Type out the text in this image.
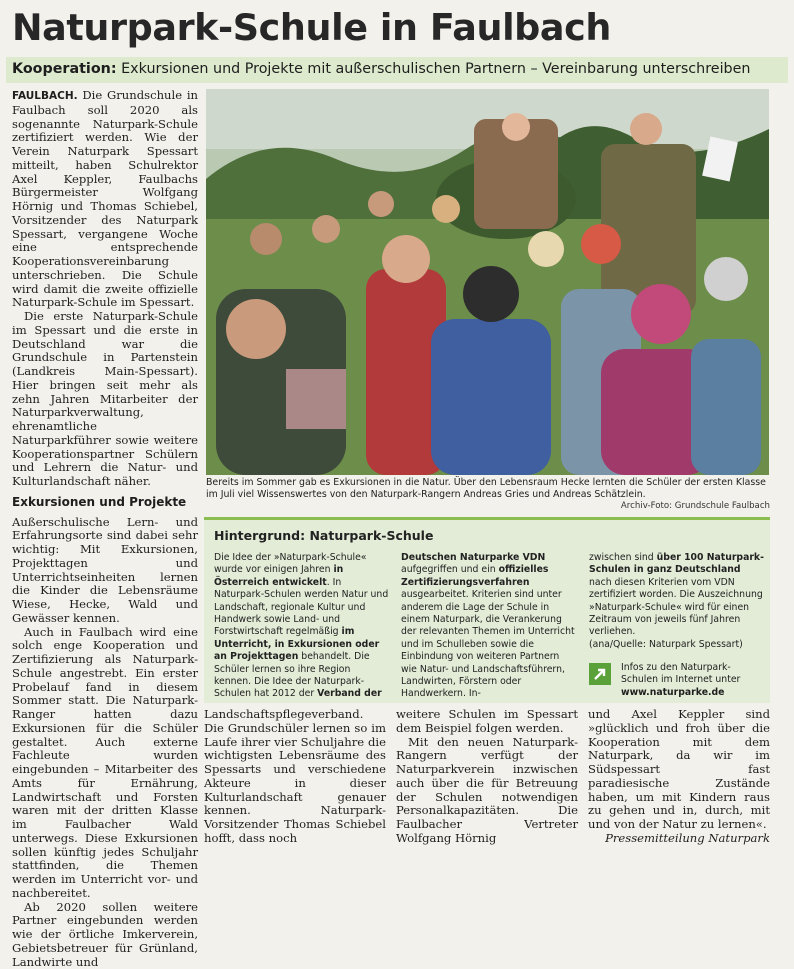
Naturpark-Schule in Faulbach
Kooperation: Exkursionen und Projekte mit außerschulischen Partnern – Vereinbarung unterschreiben

FAULBACH. Die Grundschule in Faulbach soll 2020 als sogenannte Naturpark-Schule zertifiziert werden. Wie der Verein Naturpark Spessart mitteilt, haben Schulrektor Axel Keppler, Faulbachs Bürgermeister Wolfgang Hörnig und Thomas Schiebel, Vorsitzender des Naturpark Spessart, vergangene Woche eine entsprechende Kooperationsvereinbarung unterschrieben. Die Schule wird damit die zweite offizielle Naturpark-Schule im Spessart.

Die erste Naturpark-Schule im Spessart und die erste in Deutschland war die Grundschule in Partenstein (Landkreis Main-Spessart). Hier bringen seit mehr als zehn Jahren Mitarbeiter der Naturparkverwaltung, ehrenamtliche Naturparkführer sowie weitere Kooperationspartner Schülern und Lehrern die Natur- und Kulturlandschaft näher.

Exkursionen und Projekte

Außerschulische Lern- und Erfahrungsorte sind dabei sehr wichtig: Mit Exkursionen, Projekttagen und Unterrichtseinheiten lernen die Kinder die Lebensräume Wiese, Hecke, Wald und Gewässer kennen.

Auch in Faulbach wird eine solch enge Kooperation und Zertifizierung als Naturpark-Schule angestrebt. Ein erster Probelauf fand in diesem Sommer statt. Die Naturpark-Ranger hatten dazu Exkursionen für die Schüler gestaltet. Auch externe Fachleute wurden eingebunden – Mitarbeiter des Amts für Ernährung, Landwirtschaft und Forsten waren mit der dritten Klasse im Faulbacher Wald unterwegs. Diese Exkursionen sollen künftig jedes Schuljahr stattfinden, die Themen werden im Unterricht vor- und nachbereitet.

Ab 2020 sollen weitere Partner eingebunden werden wie der örtliche Imkerverein, Gebietsbetreuer für Grünland, Landwirte und

Bereits im Sommer gab es Exkursionen in die Natur. Über den Lebensraum Hecke lernten die Schüler der ersten Klasse im Juli viel Wissenswertes von den Naturpark-Rangern Andreas Gries und Andreas Schätzlein.
Archiv-Foto: Grundschule Faulbach
Hintergrund: Naturpark-Schule
Die Idee der »Naturpark-Schule« wurde vor einigen Jahren in Österreich entwickelt. In Naturpark-Schulen werden Natur und Landschaft, regionale Kultur und Handwerk sowie Land- und Forstwirtschaft regelmäßig im Unterricht, in Exkursionen oder an Projekttagen behandelt. Die Schüler lernen so ihre Region kennen. Die Idee der Naturpark-Schulen hat 2012 der Verband der
Deutschen Naturparke VDN aufgegriffen und ein offizielles Zertifizierungsverfahren ausgearbeitet. Kriterien sind unter anderem die Lage der Schule in einem Naturpark, die Verankerung der relevanten Themen im Unterricht und im Schulleben sowie die Einbindung von weiteren Partnern wie Natur- und Landschaftsführern, Landwirten, Förstern oder Handwerkern. In-
zwischen sind über 100 Naturpark-Schulen in ganz Deutschland nach diesen Kriterien vom VDN zertifiziert worden. Die Auszeichnung »Naturpark-Schule« wird für einen Zeitraum von jeweils fünf Jahren verliehen.
(ana/Quelle: Naturpark Spessart)
Infos zu den Naturpark-Schulen im Internet unter www.naturparke.de

Landschaftspflegeverband. Die Grundschüler lernen so im Laufe ihrer vier Schuljahre die wichtigsten Lebensräume des Spessarts und verschiedene Akteure in dieser Kulturlandschaft genauer kennen. Naturpark-Vorsitzender Thomas Schiebel hofft, dass noch

weitere Schulen im Spessart dem Beispiel folgen werden.

Mit den neuen Naturpark-Rangern verfügt der Naturparkverein inzwischen auch über die für Betreuung der Schulen notwendigen Personalkapazitäten. Die Faulbacher Vertreter Wolfgang Hörnig

und Axel Keppler sind »glücklich und froh über die Kooperation mit dem Naturpark, da wir im Südspessart fast paradiesische Zustände haben, um mit Kindern raus zu gehen und in, durch, mit und von der Natur zu lernen«.

Pressemitteilung Naturpark
